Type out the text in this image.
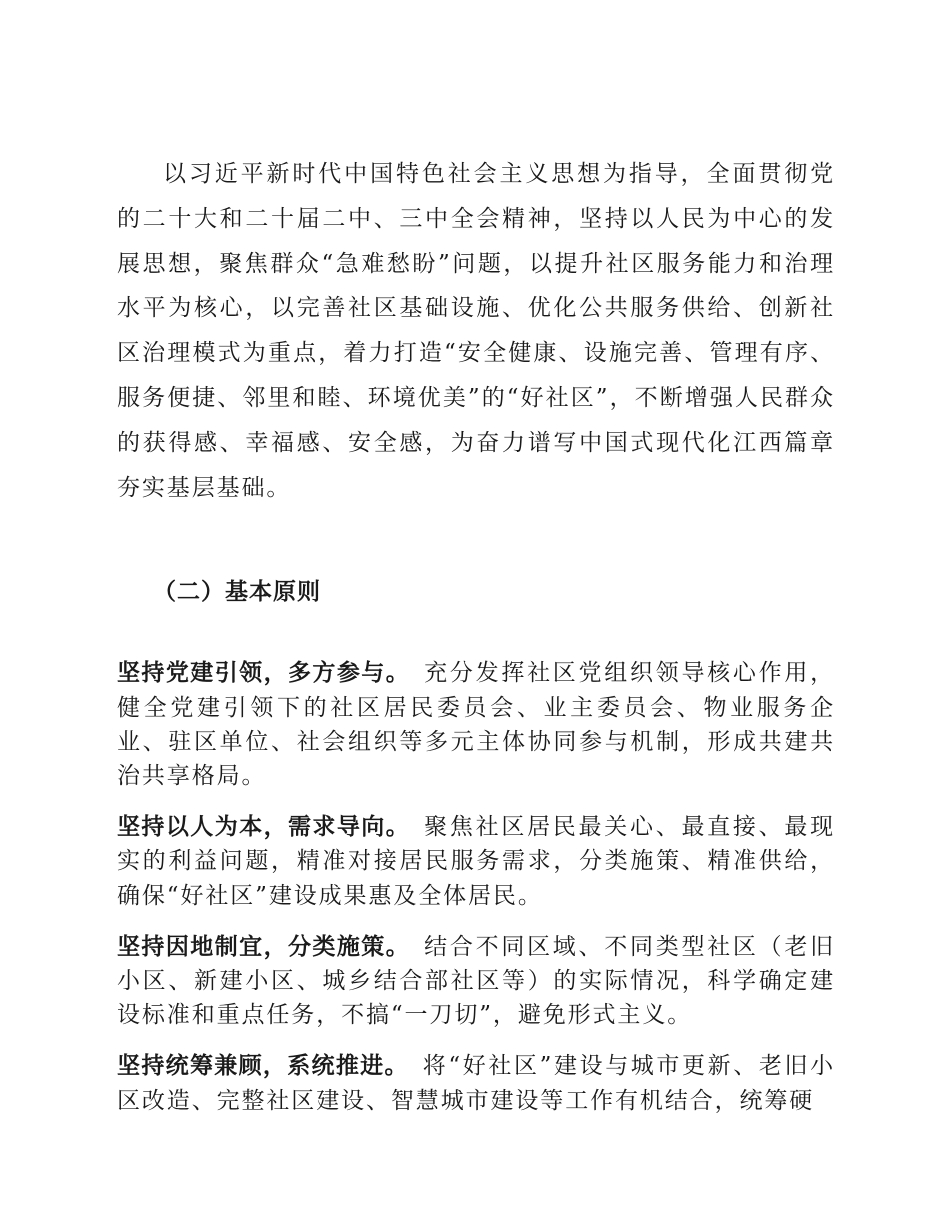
以习近平新时代中国特色社会主义思想为指导，全面贯彻党的二十大和二十届二中、三中全会精神，坚持以人民为中心的发展思想，聚焦群众“急难愁盼”问题，以提升社区服务能力和治理水平为核心，以完善社区基础设施、优化公共服务供给、创新社区治理模式为重点，着力打造“安全健康、设施完善、管理有序、服务便捷、邻里和睦、环境优美”的“好社区”，不断增强人民群众的获得感、幸福感、安全感，为奋力谱写中国式现代化江西篇章夯实基层基础。

（二）基本原则

坚持党建引领，多方参与。 充分发挥社区党组织领导核心作用，健全党建引领下的社区居民委员会、业主委员会、物业服务企业、驻区单位、社会组织等多元主体协同参与机制，形成共建共治共享格局。

坚持以人为本，需求导向。 聚焦社区居民最关心、最直接、最现实的利益问题，精准对接居民服务需求，分类施策、精准供给，确保“好社区”建设成果惠及全体居民。

坚持因地制宜，分类施策。 结合不同区域、不同类型社区（老旧小区、新建小区、城乡结合部社区等）的实际情况，科学确定建设标准和重点任务，不搞“一刀切”，避免形式主义。

坚持统筹兼顾，系统推进。 将“好社区”建设与城市更新、老旧小区改造、完整社区建设、智慧城市建设等工作有机结合，统筹硬
